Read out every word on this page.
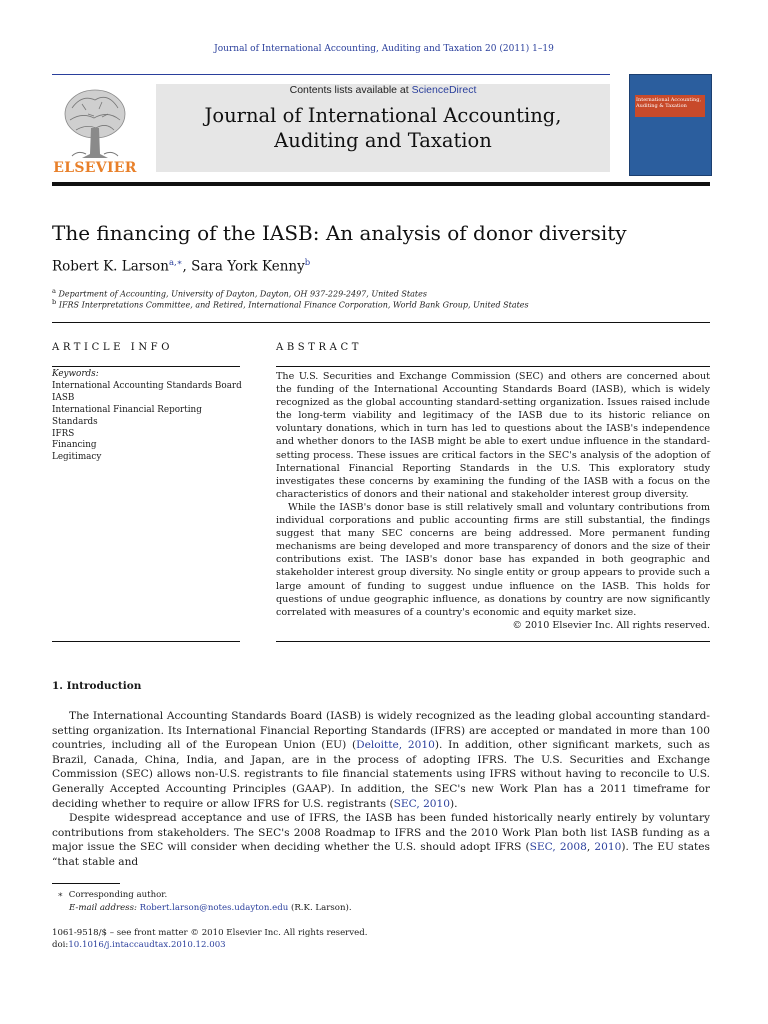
Journal of International Accounting, Auditing and Taxation 20 (2011) 1–19
Contents lists available at ScienceDirect
Journal of International Accounting,
Auditing and Taxation
ELSEVIER
International Accounting, Auditing & Taxation
The financing of the IASB: An analysis of donor diversity
Robert K. Larson$^{a,∗}$, Sara York Kenny$^b$
$^a$ Department of Accounting, University of Dayton, Dayton, OH 937-229-2497, United States
$^b$ IFRS Interpretations Committee, and Retired, International Finance Corporation, World Bank Group, United States
ARTICLE INFO
Keywords:
International Accounting Standards Board
IASB
International Financial Reporting Standards
IFRS
Financing
Legitimacy
ABSTRACT

The U.S. Securities and Exchange Commission (SEC) and others are concerned about the funding of the International Accounting Standards Board (IASB), which is widely recognized as the global accounting standard-setting organization. Issues raised include the long-term viability and legitimacy of the IASB due to its historic reliance on voluntary donations, which in turn has led to questions about the IASB's independence and whether donors to the IASB might be able to exert undue influence in the standard-setting process. These issues are critical factors in the SEC's analysis of the adoption of International Financial Reporting Standards in the U.S. This exploratory study investigates these concerns by examining the funding of the IASB with a focus on the characteristics of donors and their national and stakeholder interest group diversity.

While the IASB's donor base is still relatively small and voluntary contributions from individual corporations and public accounting firms are still substantial, the findings suggest that many SEC concerns are being addressed. More permanent funding mechanisms are being developed and more transparency of donors and the size of their contributions exist. The IASB's donor base has expanded in both geographic and stakeholder interest group diversity. No single entity or group appears to provide such a large amount of funding to suggest undue influence on the IASB. This holds for questions of undue geographic influence, as donations by country are now significantly correlated with measures of a country's economic and equity market size.

© 2010 Elsevier Inc. All rights reserved.
1. Introduction

The International Accounting Standards Board (IASB) is widely recognized as the leading global accounting standard-setting organization. Its International Financial Reporting Standards (IFRS) are accepted or mandated in more than 100 countries, including all of the European Union (EU) (Deloitte, 2010). In addition, other significant markets, such as Brazil, Canada, China, India, and Japan, are in the process of adopting IFRS. The U.S. Securities and Exchange Commission (SEC) allows non-U.S. registrants to file financial statements using IFRS without having to reconcile to U.S. Generally Accepted Accounting Principles (GAAP). In addition, the SEC's new Work Plan has a 2011 timeframe for deciding whether to require or allow IFRS for U.S. registrants (SEC, 2010).

Despite widespread acceptance and use of IFRS, the IASB has been funded historically nearly entirely by voluntary contributions from stakeholders. The SEC's 2008 Roadmap to IFRS and the 2010 Work Plan both list IASB funding as a major issue the SEC will consider when deciding whether the U.S. should adopt IFRS (SEC, 2008, 2010). The EU states “that stable and

∗ Corresponding author.
E-mail address: Robert.larson@notes.udayton.edu (R.K. Larson).
1061-9518/$ – see front matter © 2010 Elsevier Inc. All rights reserved.
doi:10.1016/j.intaccaudtax.2010.12.003
